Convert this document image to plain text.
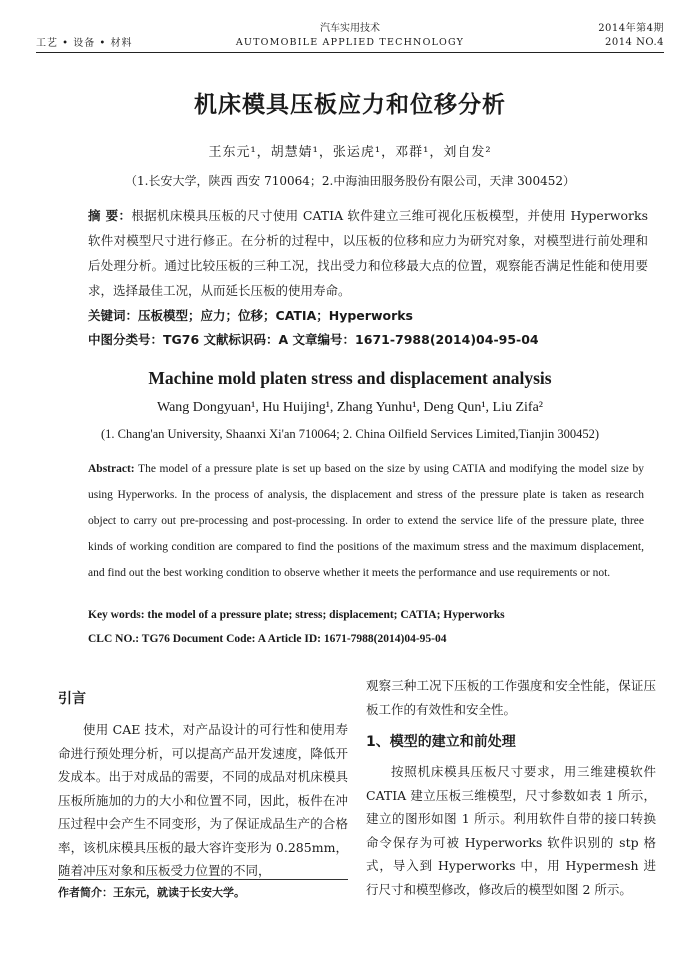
工艺 • 设备 • 材料
汽车实用技术
AUTOMOBILE APPLIED TECHNOLOGY
2014年第4期
2014 NO.4
机床模具压板应力和位移分析
王东元¹，胡慧婧¹，张运虎¹，邓群¹，刘自发²
（1.长安大学，陕西 西安 710064；2.中海油田服务股份有限公司，天津 300452）
摘 要：根据机床模具压板的尺寸使用 CATIA 软件建立三维可视化压板模型，并使用 Hyperworks 软件对模型尺寸进行修正。在分析的过程中，以压板的位移和应力为研究对象，对模型进行前处理和后处理分析。通过比较压板的三种工况，找出受力和位移最大点的位置，观察能否满足性能和使用要求，选择最佳工况，从而延长压板的使用寿命。
关键词：压板模型；应力；位移；CATIA；Hyperworks
中图分类号：TG76 文献标识码：A 文章编号：1671-7988(2014)04-95-04
Machine mold platen stress and displacement analysis
Wang Dongyuan¹, Hu Huijing¹, Zhang Yunhu¹, Deng Qun¹, Liu Zifa²
(1. Chang'an University, Shaanxi Xi'an 710064; 2. China Oilfield Services Limited,Tianjin 300452)
Abstract: The model of a pressure plate is set up based on the size by using CATIA and modifying the model size by using Hyperworks. In the process of analysis, the displacement and stress of the pressure plate is taken as research object to carry out pre-processing and post-processing. In order to extend the service life of the pressure plate, three kinds of working condition are compared to find the positions of the maximum stress and the maximum displacement, and find out the best working condition to observe whether it meets the performance and use requirements or not.
Key words: the model of a pressure plate; stress; displacement; CATIA; Hyperworks
CLC NO.: TG76 Document Code: A Article ID: 1671-7988(2014)04-95-04
引言

使用 CAE 技术，对产品设计的可行性和使用寿命进行预处理分析，可以提高产品开发速度，降低开发成本。出于对成品的需要，不同的成品对机床模具压板所施加的力的大小和位置不同，因此，板件在冲压过程中会产生不同变形，为了保证成品生产的合格率，该机床模具压板的最大容许变形为 0.285mm，随着冲压对象和压板受力位置的不同，

观察三种工况下压板的工作强度和安全性能，保证压板工作的有效性和安全性。

1、模型的建立和前处理

按照机床模具压板尺寸要求，用三维建模软件 CATIA 建立压板三维模型，尺寸参数如表 1 所示，建立的图形如图 1 所示。利用软件自带的接口转换命令保存为可被 Hyperworks 软件识别的 stp 格式，导入到 Hyperworks 中，用 Hypermesh 进行尺寸和模型修改，修改后的模型如图 2 所示。

作者简介：王东元，就读于长安大学。
